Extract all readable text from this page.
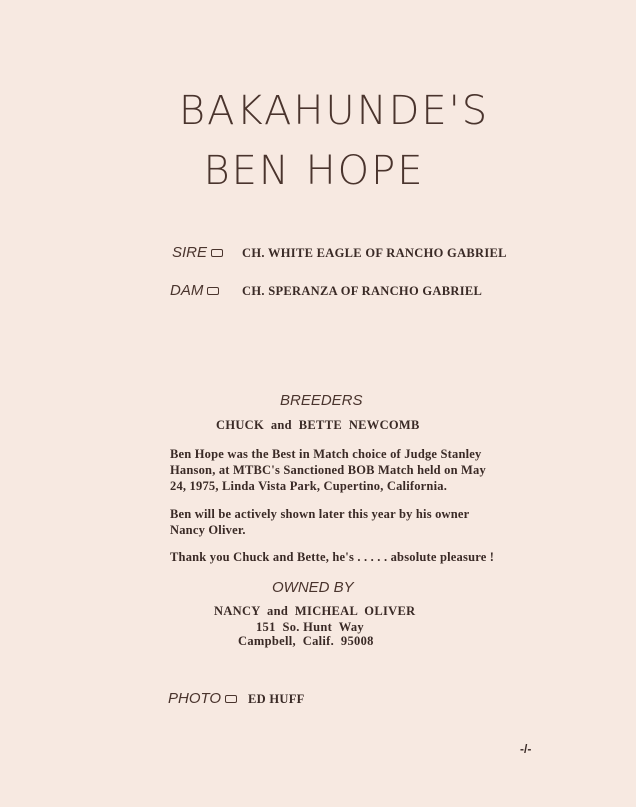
BAKAHUNDE'S
BEN HOPE
SIRE	CH. WHITE EAGLE OF RANCHO GABRIEL
DAM	CH. SPERANZA OF RANCHO GABRIEL
BREEDERS
CHUCK  and  BETTE  NEWCOMB
Ben Hope was the Best in Match choice of Judge Stanley
Hanson, at MTBC's Sanctioned BOB Match held on May
24, 1975, Linda Vista Park, Cupertino, California.
Ben will be actively shown later this year by his owner
Nancy Oliver.
Thank you Chuck and Bette, he's . . . . . absolute pleasure !
OWNED BY
NANCY  and  MICHEAL  OLIVER
151  So. Hunt  Way
Campbell,  Calif.  95008
PHOTO	ED HUFF
-/-
